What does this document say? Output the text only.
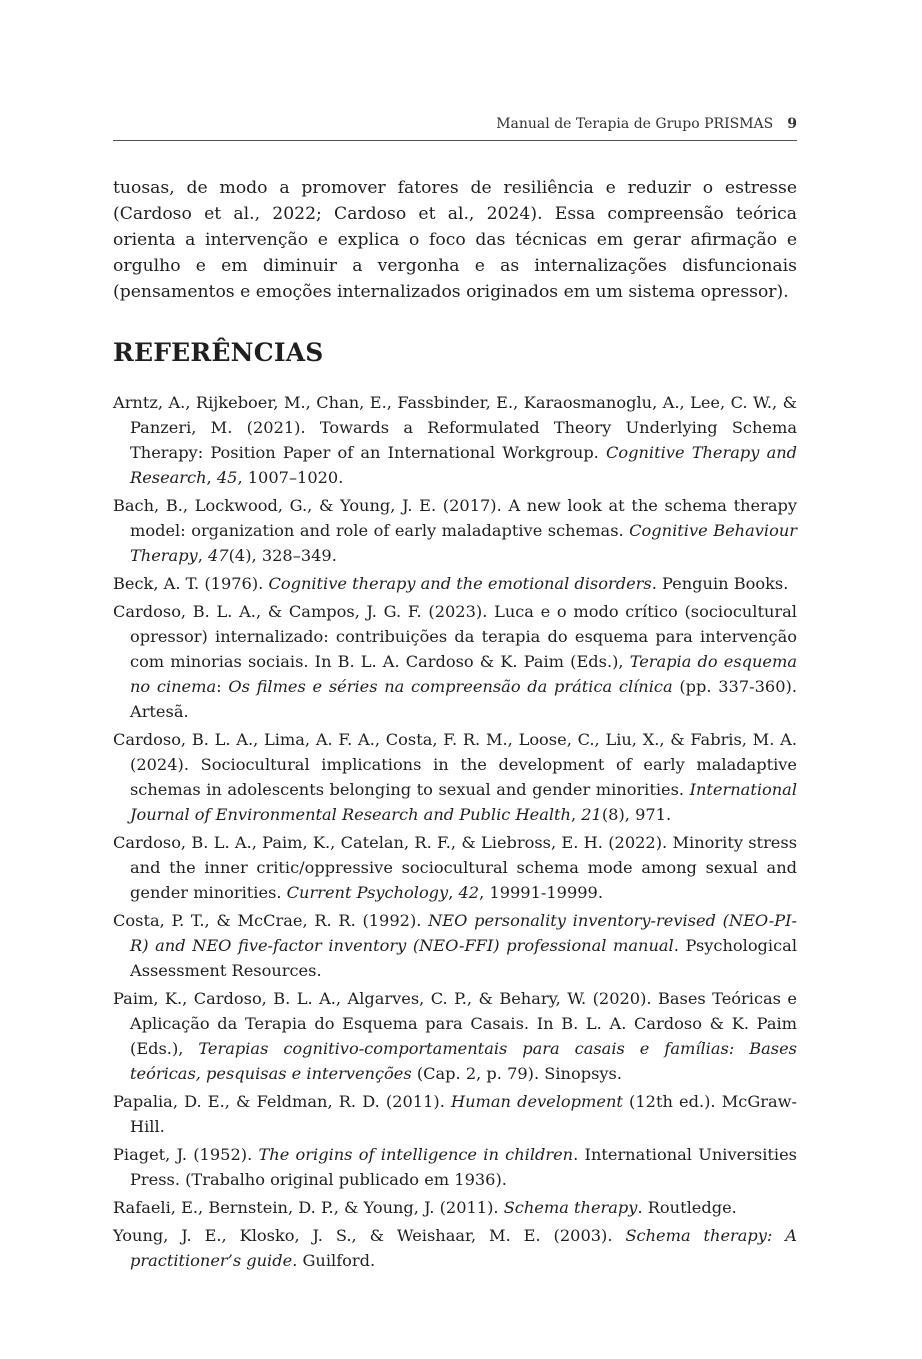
Manual de Terapia de Grupo PRISMAS 9

tuosas, de modo a promover fatores de resiliência e reduzir o estresse (Cardoso et al., 2022; Cardoso et al., 2024). Essa compreensão teórica orienta a intervenção e explica o foco das técnicas em gerar afirmação e orgulho e em diminuir a vergonha e as internalizações disfuncionais (pensamentos e emoções internalizados originados em um sistema opressor).

REFERÊNCIAS
Arntz, A., Rijkeboer, M., Chan, E., Fassbinder, E., Karaosmanoglu, A., Lee, C. W., & Panzeri, M. (2021). Towards a Reformulated Theory Underlying Schema Therapy: Position Paper of an International Workgroup. Cognitive Therapy and Research, 45, 1007–1020.
Bach, B., Lockwood, G., & Young, J. E. (2017). A new look at the schema therapy model: organization and role of early maladaptive schemas. Cognitive Behaviour Therapy, 47(4), 328–349.
Beck, A. T. (1976). Cognitive therapy and the emotional disorders. Penguin Books.
Cardoso, B. L. A., & Campos, J. G. F. (2023). Luca e o modo crítico (sociocultural opressor) internalizado: contribuições da terapia do esquema para intervenção com minorias sociais. In B. L. A. Cardoso & K. Paim (Eds.), Terapia do esquema no cinema: Os filmes e séries na compreensão da prática clínica (pp. 337-360). Artesã.
Cardoso, B. L. A., Lima, A. F. A., Costa, F. R. M., Loose, C., Liu, X., & Fabris, M. A. (2024). Sociocultural implications in the development of early maladaptive schemas in adolescents belonging to sexual and gender minorities. International Journal of Environmental Research and Public Health, 21(8), 971.
Cardoso, B. L. A., Paim, K., Catelan, R. F., & Liebross, E. H. (2022). Minority stress and the inner critic/oppressive sociocultural schema mode among sexual and gender minorities. Current Psychology, 42, 19991-19999.
Costa, P. T., & McCrae, R. R. (1992). NEO personality inventory-revised (NEO-PI-R) and NEO five-factor inventory (NEO-FFI) professional manual. Psychological Assessment Resources.
Paim, K., Cardoso, B. L. A., Algarves, C. P., & Behary, W. (2020). Bases Teóricas e Aplicação da Terapia do Esquema para Casais. In B. L. A. Cardoso & K. Paim (Eds.), Terapias cognitivo-comportamentais para casais e famílias: Bases teóricas, pesquisas e intervenções (Cap. 2, p. 79). Sinopsys.
Papalia, D. E., & Feldman, R. D. (2011). Human development (12th ed.). McGraw-Hill.
Piaget, J. (1952). The origins of intelligence in children. International Universities Press. (Trabalho original publicado em 1936).
Rafaeli, E., Bernstein, D. P., & Young, J. (2011). Schema therapy. Routledge.
Young, J. E., Klosko, J. S., & Weishaar, M. E. (2003). Schema therapy: A practitioner’s guide. Guilford.
